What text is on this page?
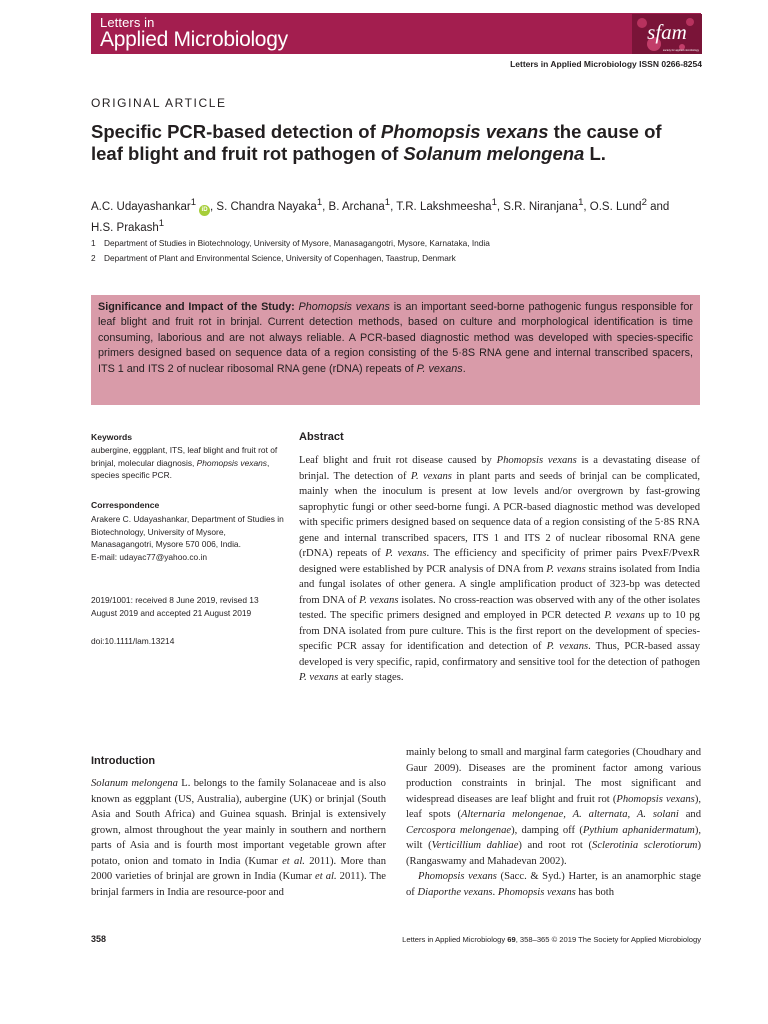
Letters in
Applied Microbiology	sfam
society for applied microbiology
Letters in Applied Microbiology ISSN 0266-8254
ORIGINAL ARTICLE
Specific PCR-based detection of Phomopsis vexans the cause of leaf blight and fruit rot pathogen of Solanum melongena L.
A.C. Udayashankar$^1$iD , S. Chandra Nayaka$^1$, B. Archana$^1$, T.R. Lakshmeesha$^1$, S.R. Niranjana$^1$, O.S. Lund$^2$ and H.S. Prakash$^1$
1 Department of Studies in Biotechnology, University of Mysore, Manasagangotri, Mysore, Karnataka, India
2 Department of Plant and Environmental Science, University of Copenhagen, Taastrup, Denmark
Significance and Impact of the Study: Phomopsis vexans is an important seed-borne pathogenic fungus responsible for leaf blight and fruit rot in brinjal. Current detection methods, based on culture and morphological identification is time consuming, laborious and are not always reliable. A PCR-based diagnostic method was developed with species-specific primers designed based on sequence data of a region consisting of the 5·8S RNA gene and internal transcribed spacers, ITS 1 and ITS 2 of nuclear ribosomal RNA gene (rDNA) repeats of P. vexans.
Keywords
aubergine, eggplant, ITS, leaf blight and fruit rot of brinjal, molecular diagnosis, Phomopsis vexans, species specific PCR.
Correspondence
Arakere C. Udayashankar, Department of Studies in Biotechnology, University of Mysore, Manasagangotri, Mysore 570 006, India.
E-mail: udayac77@yahoo.co.in
2019/1001: received 8 June 2019, revised 13 August 2019 and accepted 21 August 2019
doi:10.1111/lam.13214
Abstract
Leaf blight and fruit rot disease caused by Phomopsis vexans is a devastating disease of brinjal. The detection of P. vexans in plant parts and seeds of brinjal can be complicated, mainly when the inoculum is present at low levels and/or overgrown by fast-growing saprophytic fungi or other seed-borne fungi. A PCR-based diagnostic method was developed with specific primers designed based on sequence data of a region consisting of the 5·8S RNA gene and internal transcribed spacers, ITS 1 and ITS 2 of nuclear ribosomal RNA gene (rDNA) repeats of P. vexans. The efficiency and specificity of primer pairs PvexF/PvexR designed were established by PCR analysis of DNA from P. vexans strains isolated from India and fungal isolates of other genera. A single amplification product of 323-bp was detected from DNA of P. vexans isolates. No cross-reaction was observed with any of the other isolates tested. The specific primers designed and employed in PCR detected P. vexans up to 10 pg from DNA isolated from pure culture. This is the first report on the development of species-specific PCR assay for identification and detection of P. vexans. Thus, PCR-based assay developed is very specific, rapid, confirmatory and sensitive tool for the detection of pathogen P. vexans at early stages.
Introduction
Solanum melongena L. belongs to the family Solanaceae and is also known as eggplant (US, Australia), aubergine (UK) or brinjal (South Asia and South Africa) and Guinea squash. Brinjal is extensively grown, almost throughout the year mainly in southern and northern parts of Asia and is fourth most important vegetable grown after potato, onion and tomato in India (Kumar et al. 2011). More than 2000 varieties of brinjal are grown in India (Kumar et al. 2011). The brinjal farmers in India are resource-poor and
mainly belong to small and marginal farm categories (Choudhary and Gaur 2009). Diseases are the prominent factor among various production constraints in brinjal. The most significant and widespread diseases are leaf blight and fruit rot (Phomopsis vexans), leaf spots (Alternaria melongenae, A. alternata, A. solani and Cercospora melongenae), damping off (Pythium aphanidermatum), wilt (Verticillium dahliae) and root rot (Sclerotinia sclerotiorum) (Rangaswamy and Mahadevan 2002).
Phomopsis vexans (Sacc. & Syd.) Harter, is an anamorphic stage of Diaporthe vexans. Phomopsis vexans has both
358	Letters in Applied Microbiology 69, 358–365 © 2019 The Society for Applied Microbiology
